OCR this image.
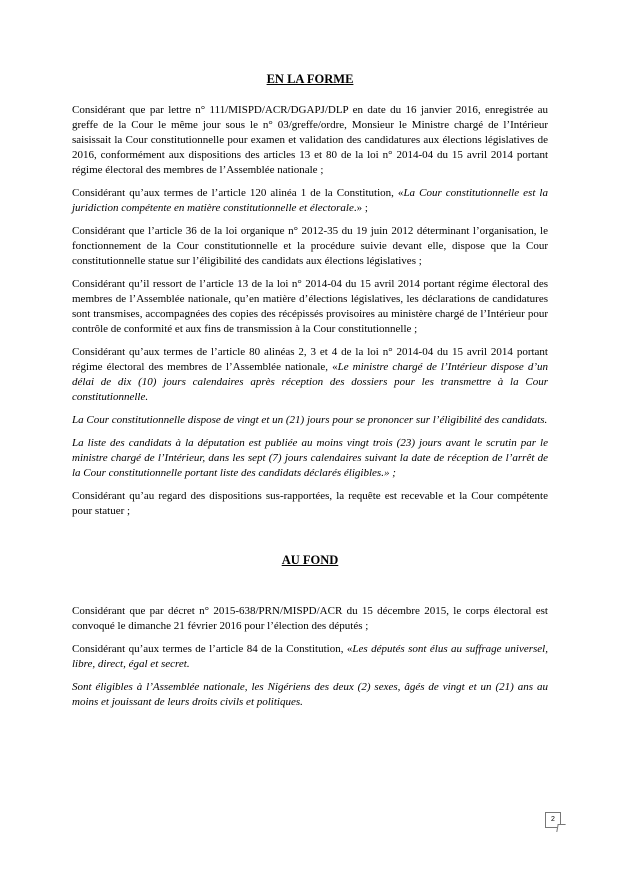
EN LA FORME

Considérant que par lettre n° 111/MISPD/ACR/DGAPJ/DLP en date du 16 janvier 2016, enregistrée au greffe de la Cour le même jour sous le n° 03/greffe/ordre, Monsieur le Ministre chargé de l’Intérieur saisissait la Cour constitutionnelle pour examen et validation des candidatures aux élections législatives de 2016, conformément aux dispositions des articles 13 et 80 de la loi n° 2014-04 du 15 avril 2014 portant régime électoral des membres de l’Assemblée nationale ;

Considérant qu’aux termes de l’article 120 alinéa 1 de la Constitution, «La Cour constitutionnelle est la juridiction compétente en matière constitutionnelle et électorale.» ;

Considérant que l’article 36 de la loi organique n° 2012-35 du 19 juin 2012 déterminant l’organisation, le fonctionnement de la Cour constitutionnelle et la procédure suivie devant elle, dispose que la Cour constitutionnelle statue sur l’éligibilité des candidats aux élections législatives ;

Considérant qu’il ressort de l’article 13 de la loi n° 2014-04 du 15 avril 2014 portant régime électoral des membres de l’Assemblée nationale, qu’en matière d’élections législatives, les déclarations de candidatures sont transmises, accompagnées des copies des récépissés provisoires au ministère chargé de l’Intérieur pour contrôle de conformité et aux fins de transmission à la Cour constitutionnelle ;

Considérant qu’aux termes de l’article 80 alinéas 2, 3 et 4 de la loi n° 2014-04 du 15 avril 2014 portant régime électoral des membres de l’Assemblée nationale, «Le ministre chargé de l’Intérieur dispose d’un délai de dix (10) jours calendaires après réception des dossiers pour les transmettre à la Cour constitutionnelle.

La Cour constitutionnelle dispose de vingt et un (21) jours pour se prononcer sur l’éligibilité des candidats.

La liste des candidats à la députation est publiée au moins vingt trois (23) jours avant le scrutin par le ministre chargé de l’Intérieur, dans les sept (7) jours calendaires suivant la date de réception de l’arrêt de la Cour constitutionnelle portant liste des candidats déclarés éligibles.» ;

Considérant qu’au regard des dispositions sus-rapportées, la requête est recevable et la Cour compétente pour statuer ;

AU FOND

Considérant que par décret n° 2015-638/PRN/MISPD/ACR du 15 décembre 2015, le corps électoral est convoqué le dimanche 21 février 2016 pour l’élection des députés ;

Considérant qu’aux termes de l’article 84 de la Constitution, «Les députés sont élus au suffrage universel, libre, direct, égal et secret.

Sont éligibles à l’Assemblée nationale, les Nigériens des deux (2) sexes, âgés de vingt et un (21) ans au moins et jouissant de leurs droits civils et politiques.

2
